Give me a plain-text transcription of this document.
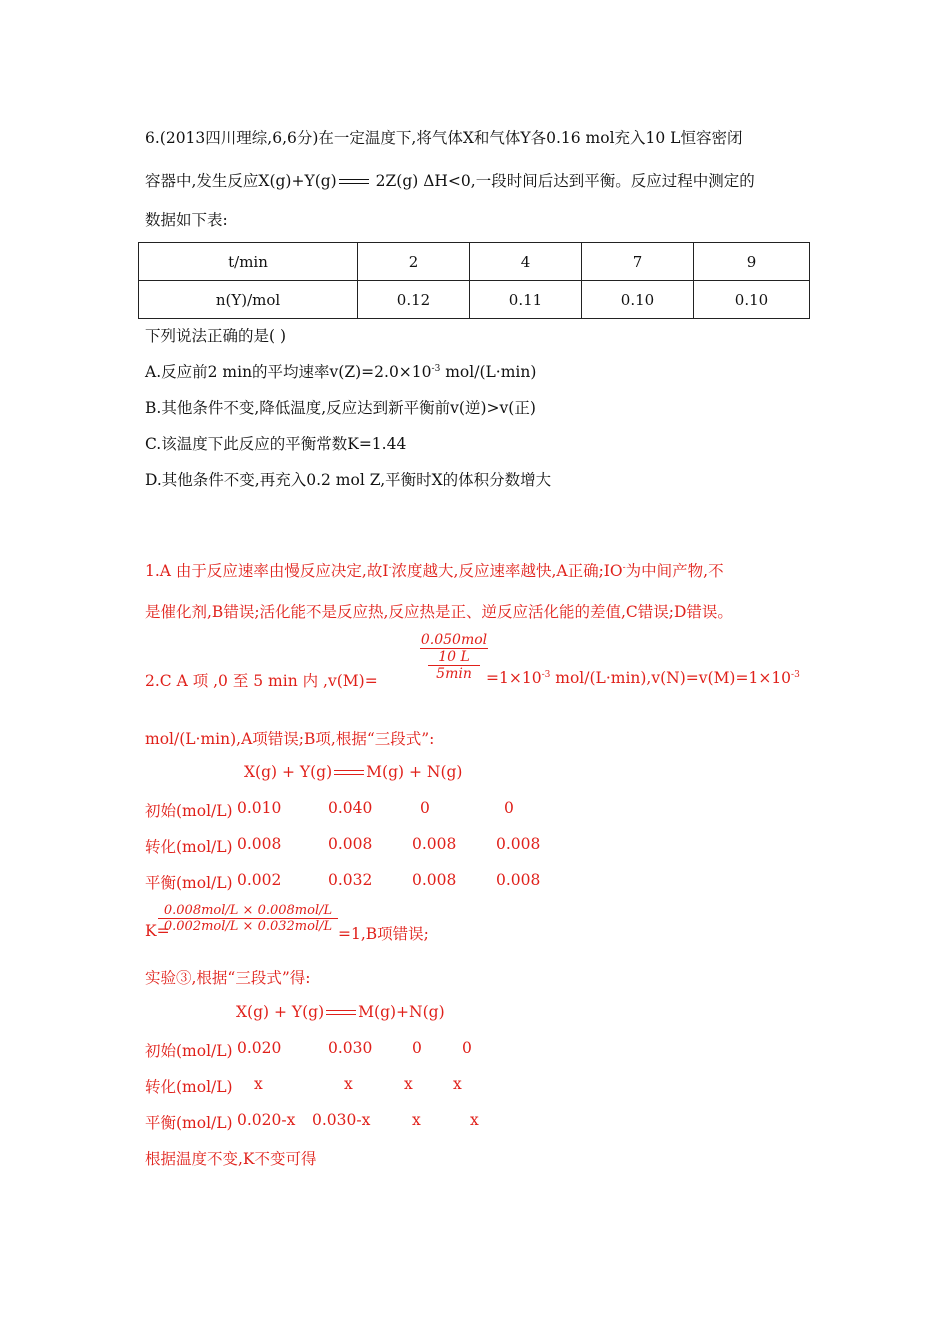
6.(2013四川理综,6,6分)在一定温度下,将气体X和气体Y各0.16 mol充入10 L恒容密闭
容器中,发生反应X(g)+Y(g)
2Z(g) ΔH<0,一段时间后达到平衡。反应过程中测定的
数据如下表:
t/min	2	4	7	9
n(Y)/mol	0.12	0.11	0.10	0.10
下列说法正确的是( )
A.反应前2 min的平均速率$v(Z)=2.0\times 10^{-3}$ mol/(L·min)
B.其他条件不变,降低温度,反应达到新平衡前v(逆)>v(正)
C.该温度下此反应的平衡常数K=1.44
D.其他条件不变,再充入0.2 mol Z,平衡时X的体积分数增大
1.A 由于反应速率由慢反应决定,故I-浓度越大,反应速率越快,A正确;IO-为中间产物,不
是催化剂,B错误;活化能不是反应热,反应热是正、逆反应活化能的差值,C错误;D错误。
0.050mol
10 L
5min
2.C A 项 ,0 至 5 min 内 ,v(M)=	$=1\times 10^{-3}$ mol/$(L\cdot\min),v(N)=v(M)=1\times 10^{-3}$
mol/(L·min),A项错误;B项,根据“三段式”:
X(g) + Y(g) M(g) + N(g)
初始(mol/L) 0.010	0.040	0	0
转化(mol/L) 0.008	0.008	0.008	0.008
平衡(mol/L) 0.002	0.032	0.008	0.008
0.008mol/L × 0.008mol/L
0.002mol/L × 0.032mol/L
K=	=1,B项错误;
实验③,根据“三段式”得:
X(g) + Y(g) M(g)+N(g)
初始(mol/L) 0.020	0.030	0	0
转化(mol/L) x	x	x	x
平衡(mol/L) 0.020-x 0.030-x	x	x
根据温度不变,K不变可得
